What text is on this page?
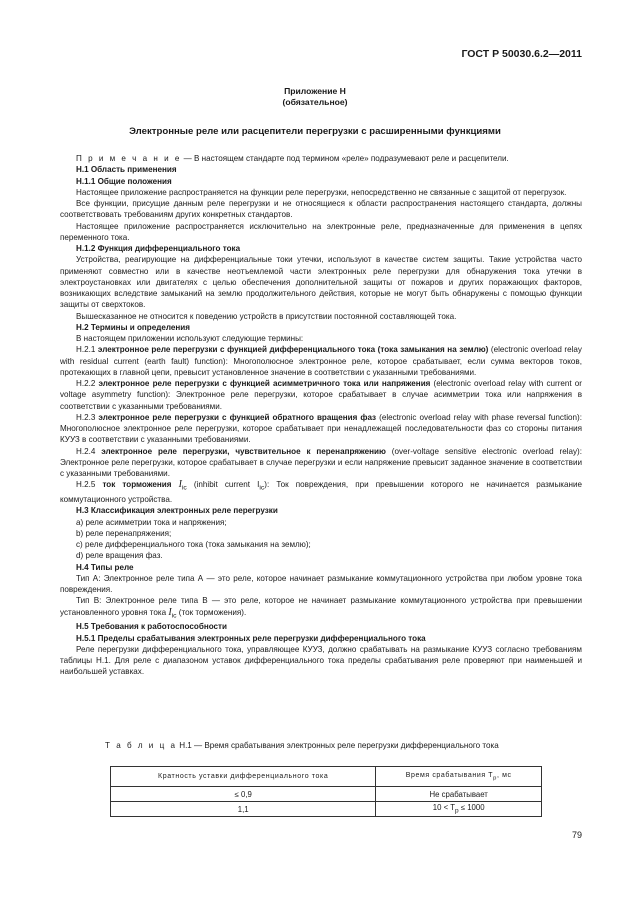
ГОСТ Р 50030.6.2—2011
Приложение Н
(обязательное)
Электронные реле или расцепители перегрузки с расширенными функциями

П р и м е ч а н и е — В настоящем стандарте под термином «реле» подразумевают реле и расцепители.

Н.1 Область применения

Н.1.1 Общие положения

Настоящее приложение распространяется на функции реле перегрузки, непосредственно не связанные с защитой от перегрузок.

Все функции, присущие данным реле перегрузки и не относящиеся к области распространения настоящего стандарта, должны соответствовать требованиям других конкретных стандартов.

Настоящее приложение распространяется исключительно на электронные реле, предназначенные для применения в цепях переменного тока.

Н.1.2 Функция дифференциального тока

Устройства, реагирующие на дифференциальные токи утечки, используют в качестве систем защиты. Такие устройства часто применяют совместно или в качестве неотъемлемой части электронных реле перегрузки для обнаружения тока утечки в электроустановках или двигателях с целью обеспечения дополнительной защиты от пожаров и других поражающих факторов, возникающих вследствие замыканий на землю продолжительного действия, которые не могут быть обнаружены с помощью функции защиты от сверхтоков.

Вышесказанное не относится к поведению устройств в присутствии постоянной составляющей тока.

Н.2 Термины и определения

В настоящем приложении используют следующие термины:

Н.2.1 электронное реле перегрузки с функцией дифференциального тока (тока замыкания на землю) (electronic overload relay with residual current (earth fault) function): Многополюсное электронное реле, которое срабатывает, если сумма векторов токов, протекающих в главной цепи, превысит установленное значение в соответствии с указанными требованиями.

Н.2.2 электронное реле перегрузки с функцией асимметричного тока или напряжения (electronic overload relay with current or voltage asymmetry function): Электронное реле перегрузки, которое срабатывает в случае асимметрии тока или напряжения в соответствии с указанными требованиями.

Н.2.3 электронное реле перегрузки с функцией обратного вращения фаз (electronic overload relay with phase reversal function): Многополюсное электронное реле перегрузки, которое срабатывает при ненадлежащей последовательности фаз со стороны питания КУУЗ в соответствии с указанными требованиями.

Н.2.4 электронное реле перегрузки, чувствительное к перенапряжению (over-voltage sensitive electronic overload relay): Электронное реле перегрузки, которое срабатывает в случае перегрузки и если напряжение превысит заданное значение в соответствии с указанными требованиями.

Н.2.5 ток торможения $I_{ic}$ (inhibit current $I_{ic}$): Ток повреждения, при превышении которого не начинается размыкание коммутационного устройства.

Н.3 Классификация электронных реле перегрузки

а) реле асимметрии тока и напряжения;

b) реле перенапряжения;

с) реле дифференциального тока (тока замыкания на землю);

d) реле вращения фаз.

Н.4 Типы реле

Тип А: Электронное реле типа А — это реле, которое начинает размыкание коммутационного устройства при любом уровне тока повреждения.

Тип В: Электронное реле типа В — это реле, которое не начинает размыкание коммутационного устройства при превышении установленного уровня тока $I_{ic}$ (ток торможения).

Н.5 Требования к работоспособности

Н.5.1 Пределы срабатывания электронных реле перегрузки дифференциального тока

Реле перегрузки дифференциального тока, управляющее КУУЗ, должно срабатывать на размыкание КУУЗ согласно требованиям таблицы Н.1. Для реле с диапазоном уставок дифференциального тока пределы срабатывания реле проверяют при наименьшей и наибольшей уставках.

Т а б л и ц а Н.1 — Время срабатывания электронных реле перегрузки дифференциального тока
Кратность уставки дифференциального тока	Время срабатывания $T_p$, мс
≤ 0,9	Не срабатывает
1,1	$10 < T_p \le 1000$
79
